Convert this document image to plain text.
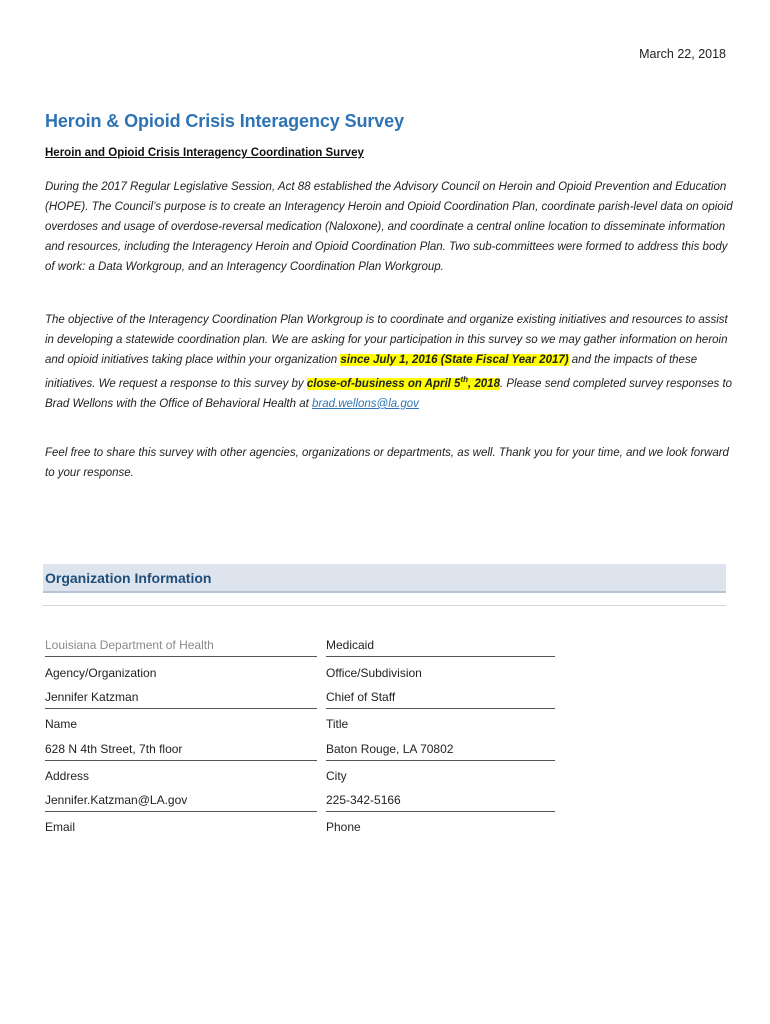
March 22, 2018
Heroin & Opioid Crisis Interagency Survey
Heroin and Opioid Crisis Interagency Coordination Survey

During the 2017 Regular Legislative Session, Act 88 established the Advisory Council on Heroin and Opioid Prevention and Education (HOPE). The Council’s purpose is to create an Interagency Heroin and Opioid Coordination Plan, coordinate parish-level data on opioid overdoses and usage of overdose-reversal medication (Naloxone), and coordinate a central online location to disseminate information and resources, including the Interagency Heroin and Opioid Coordination Plan. Two sub-committees were formed to address this body of work: a Data Workgroup, and an Interagency Coordination Plan Workgroup.

The objective of the Interagency Coordination Plan Workgroup is to coordinate and organize existing initiatives and resources to assist in developing a statewide coordination plan. We are asking for your participation in this survey so we may gather information on heroin and opioid initiatives taking place within your organization since July 1, 2016 (State Fiscal Year 2017) and the impacts of these initiatives. We request a response to this survey by close-of-business on April 5th, 2018. Please send completed survey responses to Brad Wellons with the Office of Behavioral Health at brad.wellons@la.gov

Feel free to share this survey with other agencies, organizations or departments, as well. Thank you for your time, and we look forward to your response.

Organization Information
Louisiana Department of Health	Medicaid
Agency/Organization	Office/Subdivision
Jennifer Katzman	Chief of Staff
Name	Title
628 N 4th Street, 7th floor	Baton Rouge, LA 70802
Address	City
Jennifer.Katzman@LA.gov	225-342-5166
Email	Phone
